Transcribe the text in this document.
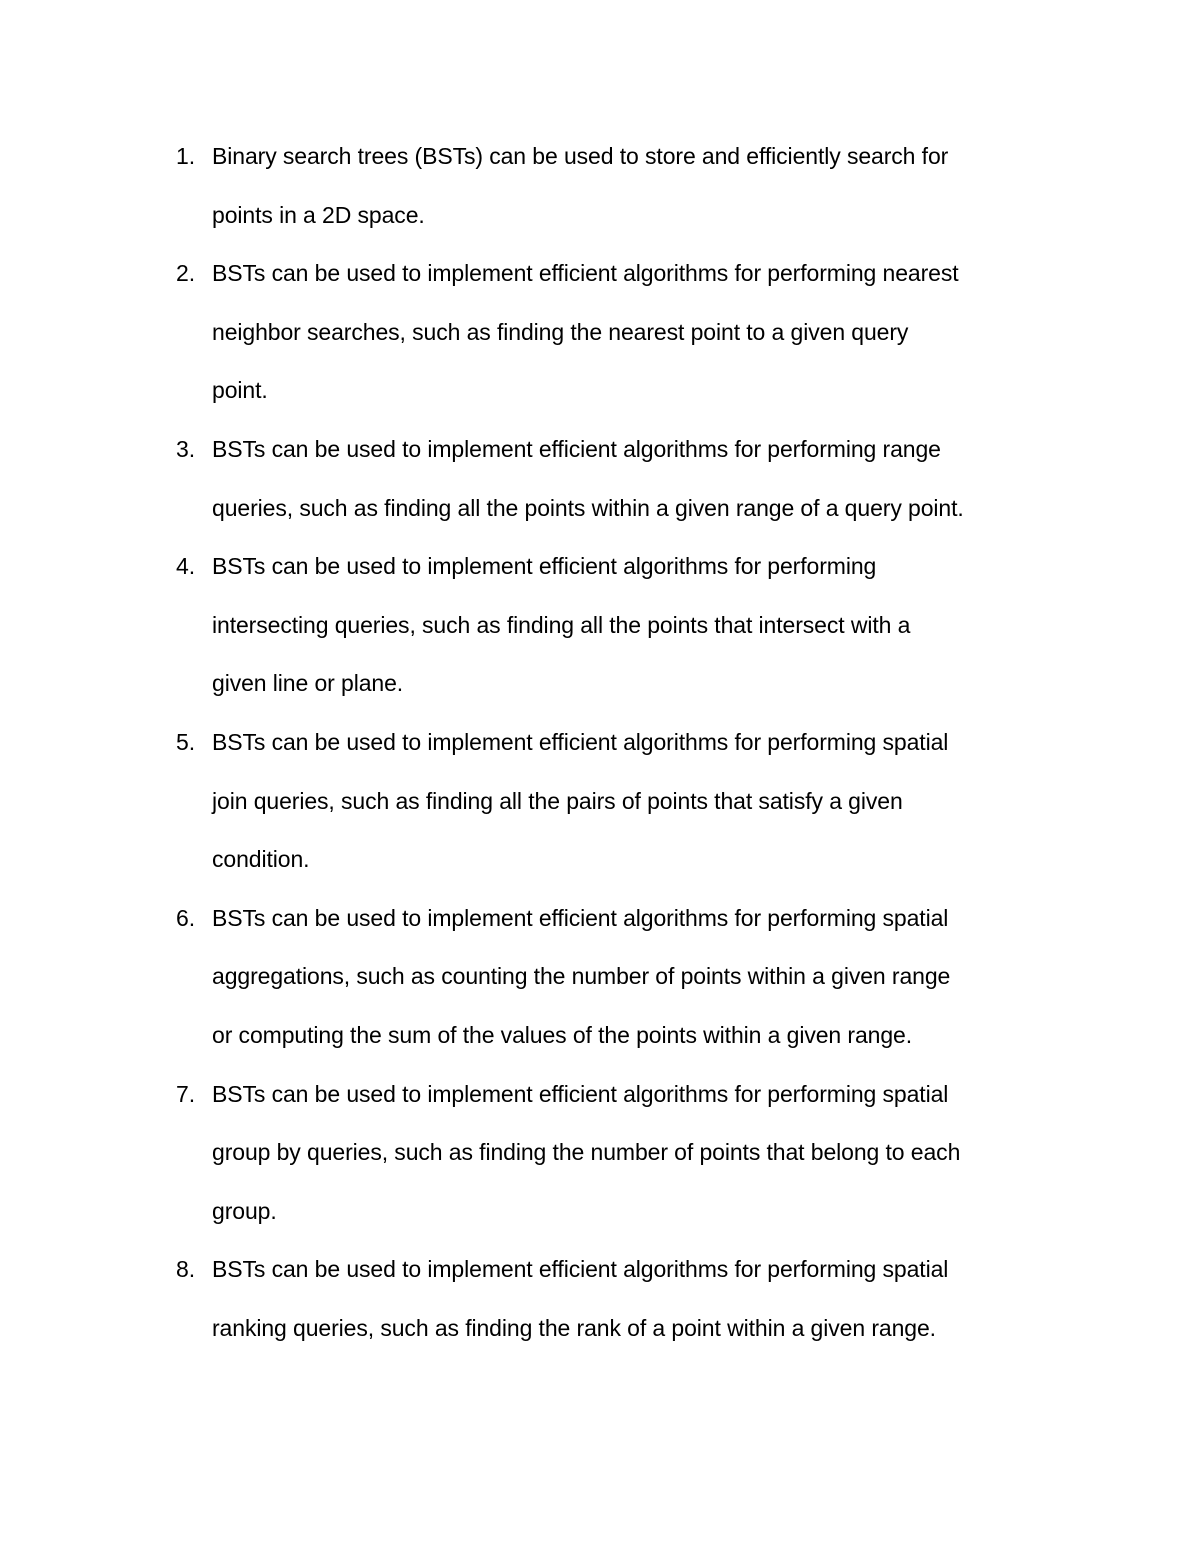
1. Binary search trees (BSTs) can be used to store and efficiently search for
points in a 2D space.
2. BSTs can be used to implement efficient algorithms for performing nearest
neighbor searches, such as finding the nearest point to a given query
point.
3. BSTs can be used to implement efficient algorithms for performing range
queries, such as finding all the points within a given range of a query point.
4. BSTs can be used to implement efficient algorithms for performing
intersecting queries, such as finding all the points that intersect with a
given line or plane.
5. BSTs can be used to implement efficient algorithms for performing spatial
join queries, such as finding all the pairs of points that satisfy a given
condition.
6. BSTs can be used to implement efficient algorithms for performing spatial
aggregations, such as counting the number of points within a given range
or computing the sum of the values of the points within a given range.
7. BSTs can be used to implement efficient algorithms for performing spatial
group by queries, such as finding the number of points that belong to each
group.
8. BSTs can be used to implement efficient algorithms for performing spatial
ranking queries, such as finding the rank of a point within a given range.
